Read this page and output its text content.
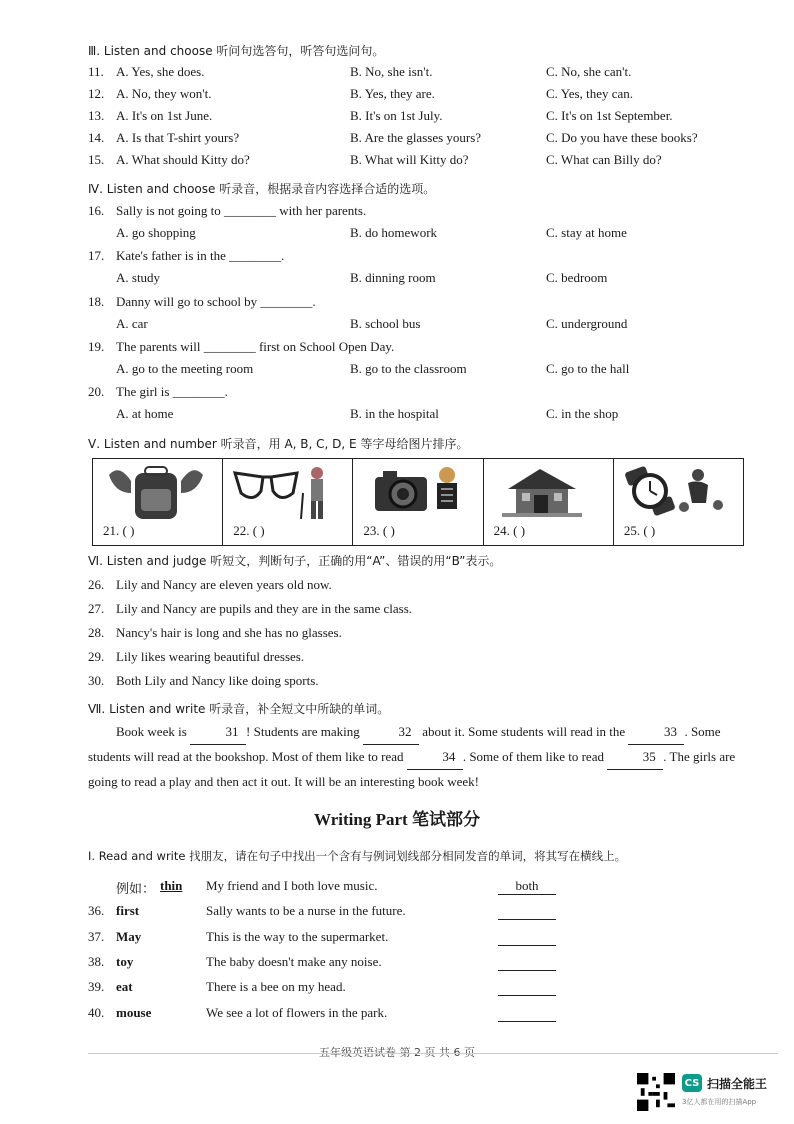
Ⅲ. Listen and choose 听问句选答句，听答句选问句。
11. A. Yes, she does.	B. No, she isn't.	C. No, she can't.
12. A. No, they won't.	B. Yes, they are.	C. Yes, they can.
13. A. It's on 1st June.	B. It's on 1st July.	C. It's on 1st September.
14. A. Is that T-shirt yours?	B. Are the glasses yours?	C. Do you have these books?
15. A. What should Kitty do?	B. What will Kitty do?	C. What can Billy do?
Ⅳ. Listen and choose 听录音，根据录音内容选择合适的选项。
16. Sally is not going to ________ with her parents.
A. go shopping	B. do homework	C. stay at home
17. Kate's father is in the ________.
A. study	B. dinning room	C. bedroom
18. Danny will go to school by ________.
A. car	B. school bus	C. underground
19. The parents will ________ first on School Open Day.
A. go to the meeting room	B. go to the classroom	C. go to the hall
20. The girl is ________.
A. at home	B. in the hospital	C. in the shop
Ⅴ. Listen and number 听录音，用 A, B, C, D, E 等字母给图片排序。
21. ( )	22. ( )	23. ( )	24. ( )	25. ( )
Ⅵ. Listen and judge 听短文，判断句子，正确的用“A”、错误的用“B”表示。
26. Lily and Nancy are eleven years old now.
27. Lily and Nancy are pupils and they are in the same class.
28. Nancy's hair is long and she has no glasses.
29. Lily likes wearing beautiful dresses.
30. Both Lily and Nancy like doing sports.
Ⅶ. Listen and write 听录音，补全短文中所缺的单词。
Book week is	31 ! Students are making	32 about it. Some students will read in the	33 . Some students will read at the bookshop. Most of them like to read	34 . Some of them like to read	35 . The girls are going to read a play and then act it out. It will be an interesting book week!
Writing Part 笔试部分
Ⅰ. Read and write 找朋友，请在句子中找出一个含有与例词划线部分相同发音的单词，将其写在横线上。
例如： thin My friend and I both love music.	both
36. first	Sally wants to be a nurse in the future.

37. May	This is the way to the supermarket.

38. toy	The baby doesn't make any noise.

39. eat	There is a bee on my head.

40. mouse	We see a lot of flowers in the park.

五年级英语试卷 第 2 页 共 6 页
CS 扫描全能王
3亿人都在用的扫描App
